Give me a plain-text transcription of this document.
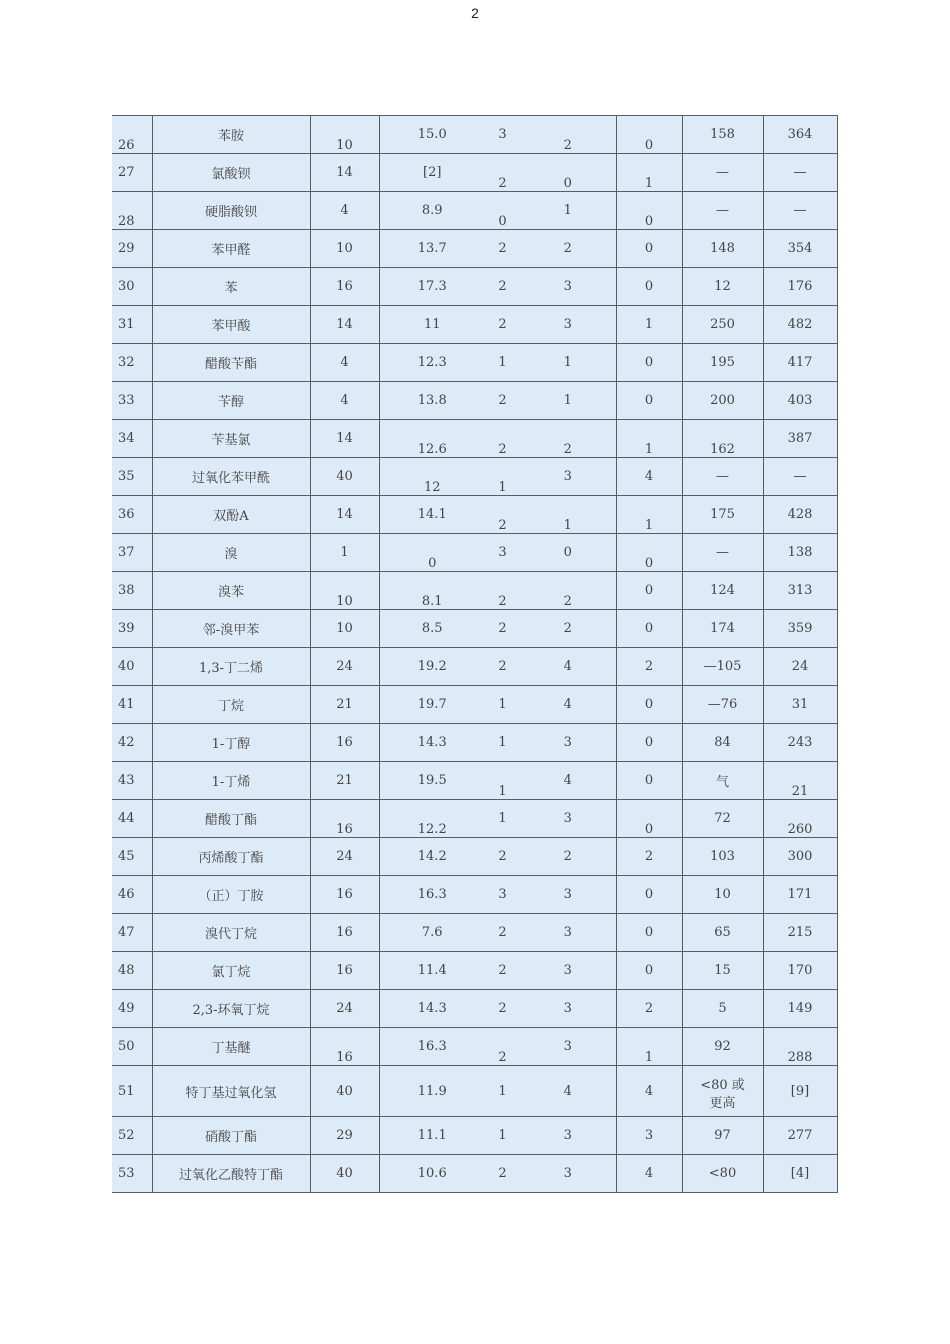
2
26	苯胺	10	15.0	3	2	0	158	364

27	氯酸钡	14	[2]	2	0	1	—	—

28	硬脂酸钡	4	8.9	0	1	0	—	—

29	苯甲醛	10	13.7	2	2	0	148	354

30	苯	16	17.3	2	3	0	12	176

31	苯甲酸	14	11	2	3	1	250	482

32	醋酸苄酯	4	12.3	1	1	0	195	417

33	苄醇	4	13.8	2	1	0	200	403

34	苄基氯	14	12.6	2	2	1	162	387

35	过氧化苯甲酰	40	12	1	3	4	—	—

36	双酚A	14	14.1	2	1	1	175	428

37	溴	1	0	3	0	0	—	138

38	溴苯	10	8.1	2	2	0	124	313

39	邻-溴甲苯	10	8.5	2	2	0	174	359

40	1,3-丁二烯	24	19.2	2	4	2	—105	24

41	丁烷	21	19.7	1	4	0	—76	31

42	1-丁醇	16	14.3	1	3	0	84	243

43	1-丁烯	21	19.5	1	4	0	气	21

44	醋酸丁酯	16	12.2	1	3	0	72	260

45	丙烯酸丁酯	24	14.2	2	2	2	103	300

46	（正）丁胺	16	16.3	3	3	0	10	171

47	溴代丁烷	16	7.6	2	3	0	65	215

48	氯丁烷	16	11.4	2	3	0	15	170

49	2,3-环氧丁烷	24	14.3	2	3	2	5	149

50	丁基醚	16	16.3	2	3	1	92	288

51	特丁基过氧化氢	40	11.9	1	4	4	<80 或更高	[9]

52	硝酸丁酯	29	11.1	1	3	3	97	277

53	过氧化乙酸特丁酯	40	10.6	2	3	4	<80	[4]
